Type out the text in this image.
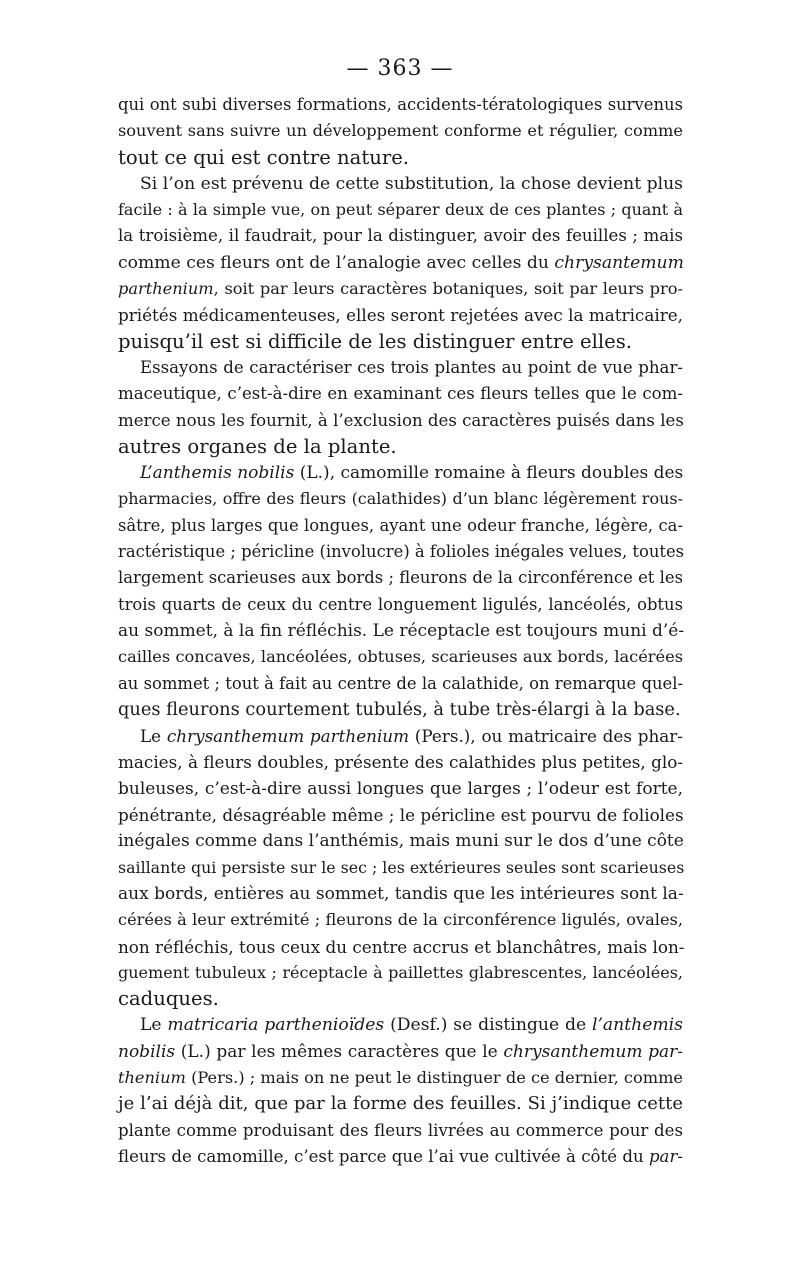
— 363 —
qui ont subi diverses formations, accidents-tératologiques survenus
souvent sans suivre un développement conforme et régulier, comme
tout ce qui est contre nature.
Si l’on est prévenu de cette substitution, la chose devient plus
facile : à la simple vue, on peut séparer deux de ces plantes ; quant à
la troisième, il faudrait, pour la distinguer, avoir des feuilles ; mais
comme ces fleurs ont de l’analogie avec celles du chrysantemum
parthenium, soit par leurs caractères botaniques, soit par leurs pro-
priétés médicamenteuses, elles seront rejetées avec la matricaire,
puisqu’il est si difficile de les distinguer entre elles.
Essayons de caractériser ces trois plantes au point de vue phar-
maceutique, c’est-à-dire en examinant ces fleurs telles que le com-
merce nous les fournit, à l’exclusion des caractères puisés dans les
autres organes de la plante.
L’anthemis nobilis (L.), camomille romaine à fleurs doubles des
pharmacies, offre des fleurs (calathides) d’un blanc légèrement rous-
sâtre, plus larges que longues, ayant une odeur franche, légère, ca-
ractéristique ; péricline (involucre) à folioles inégales velues, toutes
largement scarieuses aux bords ; fleurons de la circonférence et les
trois quarts de ceux du centre longuement ligulés, lancéolés, obtus
au sommet, à la fin réfléchis. Le réceptacle est toujours muni d’é-
cailles concaves, lancéolées, obtuses, scarieuses aux bords, lacérées
au sommet ; tout à fait au centre de la calathide, on remarque quel-
ques fleurons courtement tubulés, à tube très-élargi à la base.
Le chrysanthemum parthenium (Pers.), ou matricaire des phar-
macies, à fleurs doubles, présente des calathides plus petites, glo-
buleuses, c’est-à-dire aussi longues que larges ; l’odeur est forte,
pénétrante, désagréable même ; le péricline est pourvu de folioles
inégales comme dans l’anthémis, mais muni sur le dos d’une côte
saillante qui persiste sur le sec ; les extérieures seules sont scarieuses
aux bords, entières au sommet, tandis que les intérieures sont la-
cérées à leur extrémité ; fleurons de la circonférence ligulés, ovales,
non réfléchis, tous ceux du centre accrus et blanchâtres, mais lon-
guement tubuleux ; réceptacle à paillettes glabrescentes, lancéolées,
caduques.
Le matricaria parthenioïdes (Desf.) se distingue de l’anthemis
nobilis (L.) par les mêmes caractères que le chrysanthemum par-
thenium (Pers.) ; mais on ne peut le distinguer de ce dernier, comme
je l’ai déjà dit, que par la forme des feuilles. Si j’indique cette
plante comme produisant des fleurs livrées au commerce pour des
fleurs de camomille, c’est parce que l’ai vue cultivée à côté du par-
